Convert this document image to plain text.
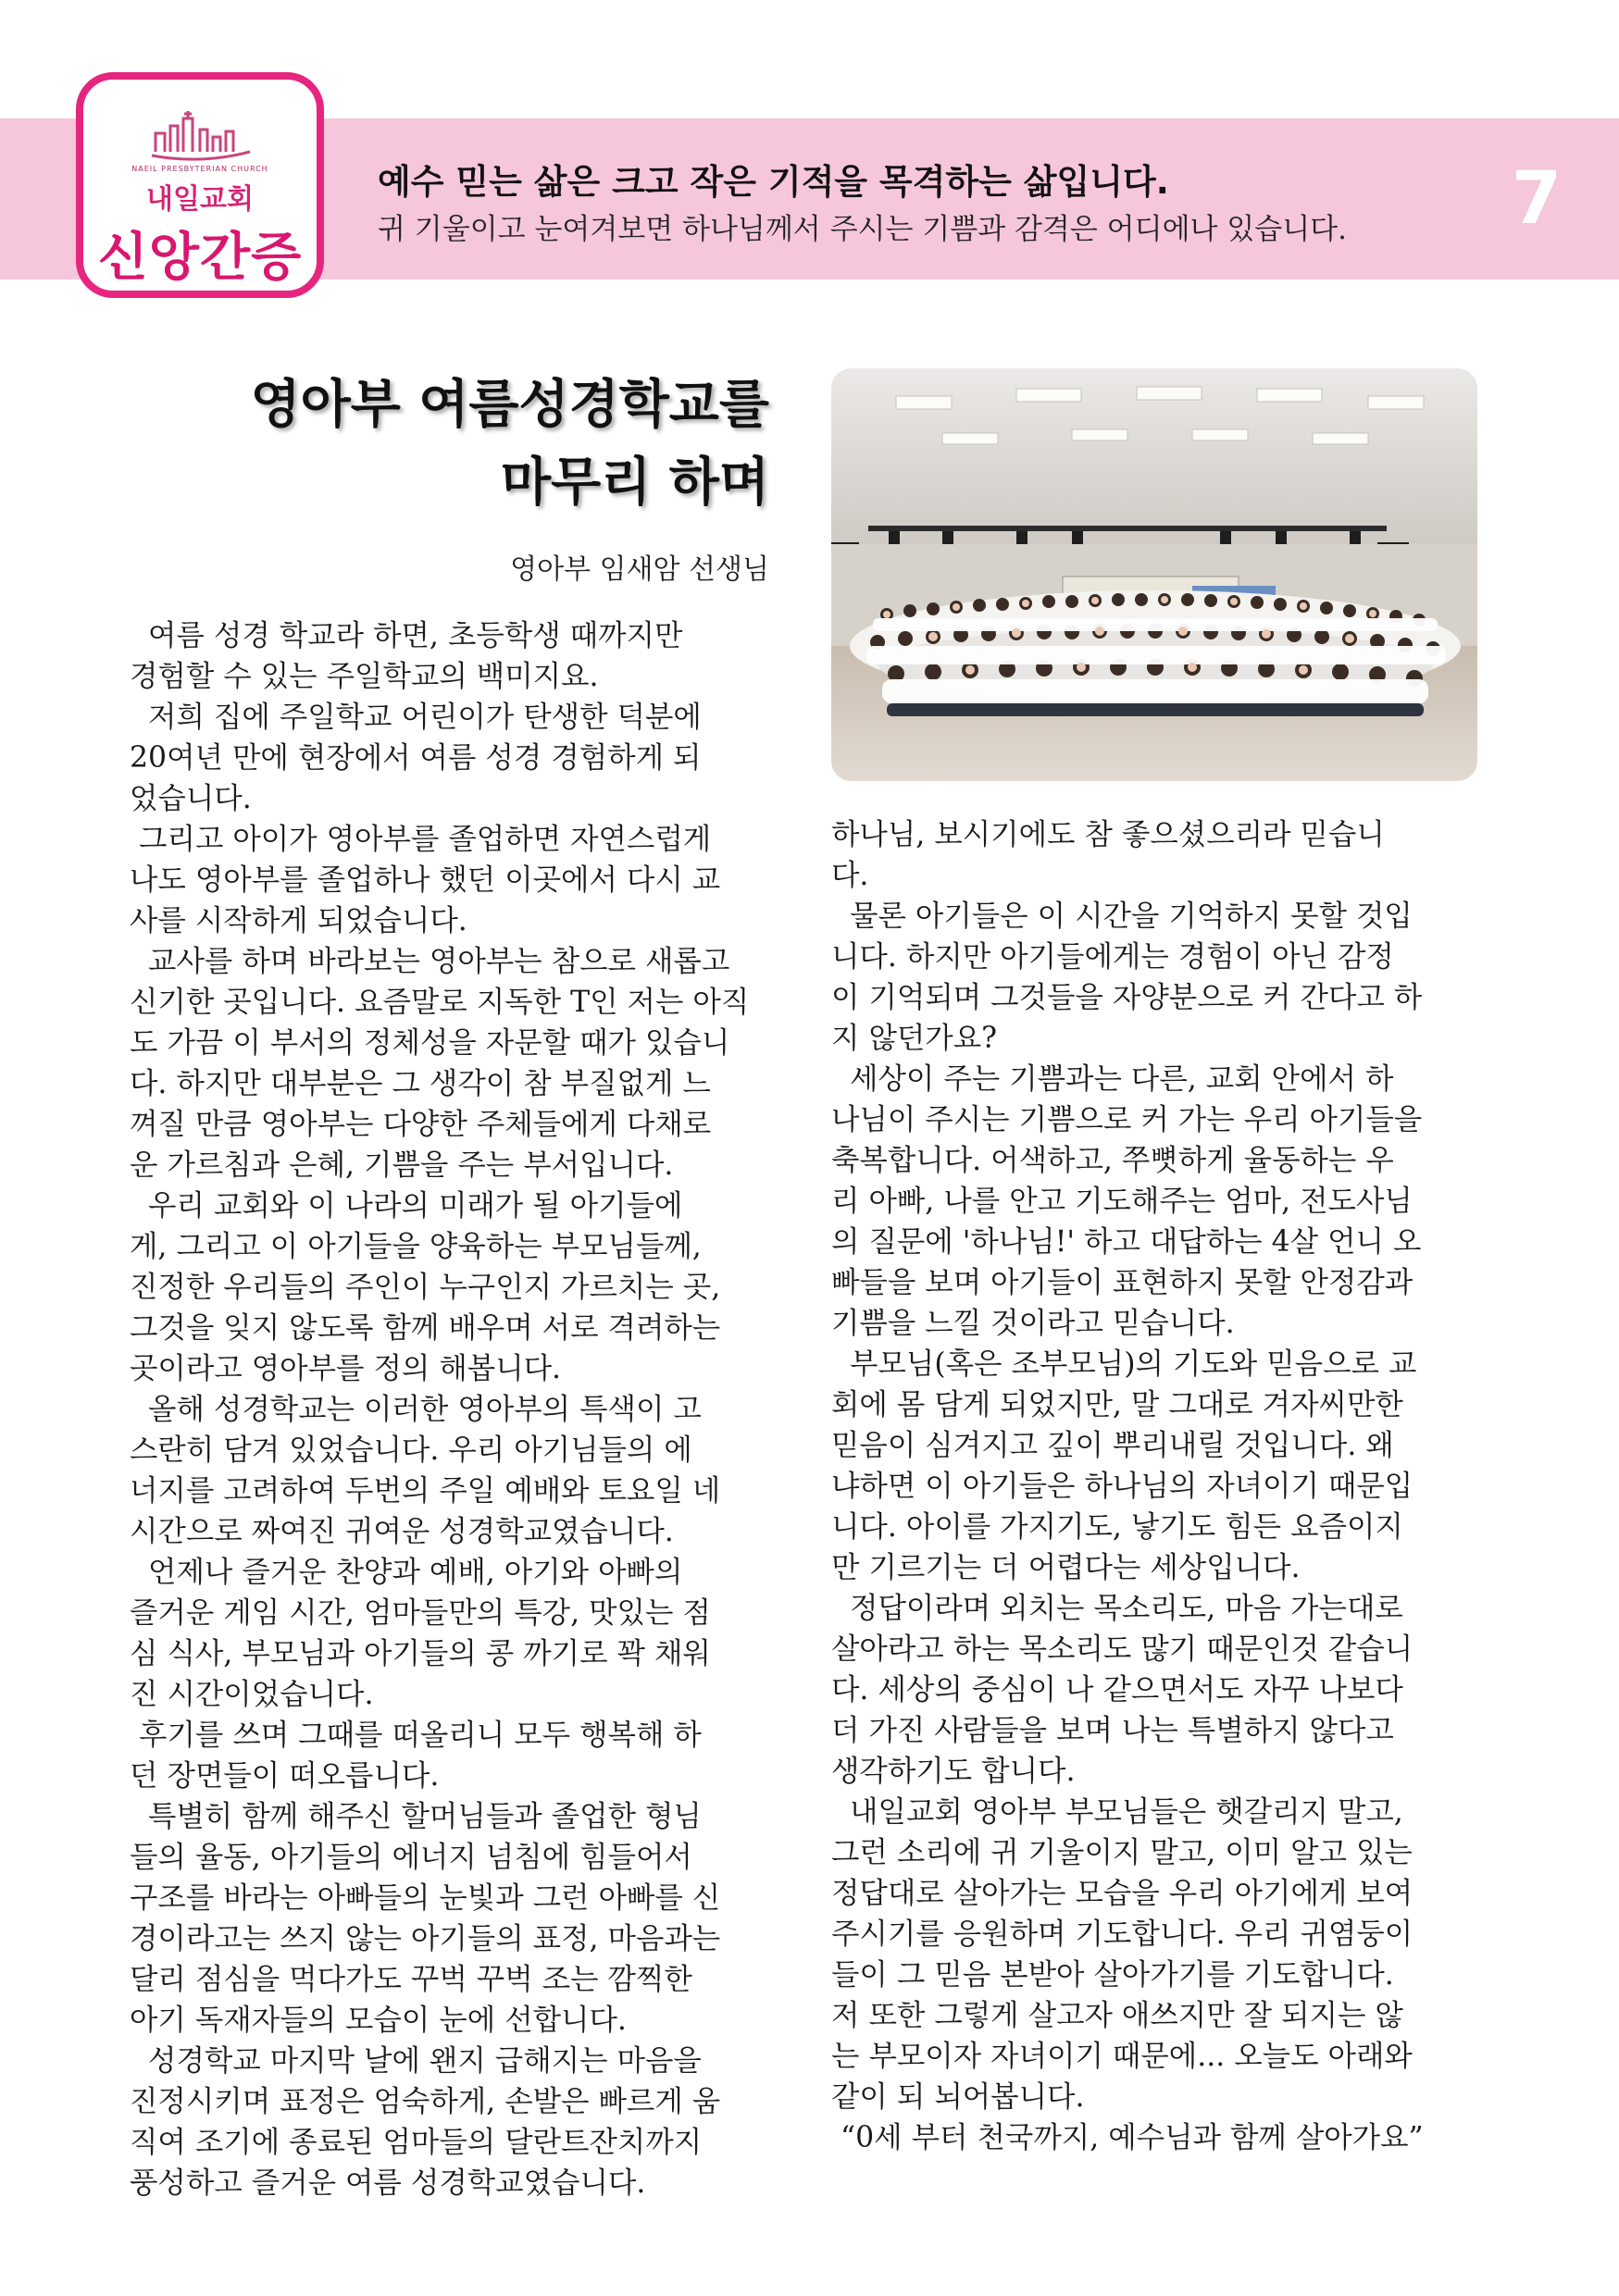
NAEIL PRESBYTERIAN CHURCH
내일교회
신앙간증
예수 믿는 삶은 크고 작은 기적을 목격하는 삶입니다.
귀 기울이고 눈여겨보면 하나님께서 주시는 기쁨과 감격은 어디에나 있습니다. 7
영아부 여름성경학교를
마무리 하며
영아부 임새암 선생님

여름 성경 학교라 하면, 초등학생 때까지만

경험할 수 있는 주일학교의 백미지요.

저희 집에 주일학교 어린이가 탄생한 덕분에

20여년 만에 현장에서 여름 성경 경험하게 되

었습니다.

그리고 아이가 영아부를 졸업하면 자연스럽게

나도 영아부를 졸업하나 했던 이곳에서 다시 교

사를 시작하게 되었습니다.

교사를 하며 바라보는 영아부는 참으로 새롭고

신기한 곳입니다. 요즘말로 지독한 T인 저는 아직

도 가끔 이 부서의 정체성을 자문할 때가 있습니

다. 하지만 대부분은 그 생각이 참 부질없게 느

껴질 만큼 영아부는 다양한 주체들에게 다채로

운 가르침과 은혜, 기쁨을 주는 부서입니다.

우리 교회와 이 나라의 미래가 될 아기들에

게, 그리고 이 아기들을 양육하는 부모님들께,

진정한 우리들의 주인이 누구인지 가르치는 곳,

그것을 잊지 않도록 함께 배우며 서로 격려하는

곳이라고 영아부를 정의 해봅니다.

올해 성경학교는 이러한 영아부의 특색이 고

스란히 담겨 있었습니다. 우리 아기님들의 에

너지를 고려하여 두번의 주일 예배와 토요일 네

시간으로 짜여진 귀여운 성경학교였습니다.

언제나 즐거운 찬양과 예배, 아기와 아빠의

즐거운 게임 시간, 엄마들만의 특강, 맛있는 점

심 식사, 부모님과 아기들의 콩 까기로 꽉 채워

진 시간이었습니다.

후기를 쓰며 그때를 떠올리니 모두 행복해 하

던 장면들이 떠오릅니다.

특별히 함께 해주신 할머님들과 졸업한 형님

들의 율동, 아기들의 에너지 넘침에 힘들어서

구조를 바라는 아빠들의 눈빛과 그런 아빠를 신

경이라고는 쓰지 않는 아기들의 표정, 마음과는

달리 점심을 먹다가도 꾸벅 꾸벅 조는 깜찍한

아기 독재자들의 모습이 눈에 선합니다.

성경학교 마지막 날에 왠지 급해지는 마음을

진정시키며 표정은 엄숙하게, 손발은 빠르게 움

직여 조기에 종료된 엄마들의 달란트잔치까지

풍성하고 즐거운 여름 성경학교였습니다.

하나님, 보시기에도 참 좋으셨으리라 믿습니

다.

물론 아기들은 이 시간을 기억하지 못할 것입

니다. 하지만 아기들에게는 경험이 아닌 감정

이 기억되며 그것들을 자양분으로 커 간다고 하

지 않던가요?

세상이 주는 기쁨과는 다른, 교회 안에서 하

나님이 주시는 기쁨으로 커 가는 우리 아기들을

축복합니다. 어색하고, 쭈뼛하게 율동하는 우

리 아빠, 나를 안고 기도해주는 엄마, 전도사님

의 질문에 '하나님!' 하고 대답하는 4살 언니 오

빠들을 보며 아기들이 표현하지 못할 안정감과

기쁨을 느낄 것이라고 믿습니다.

부모님(혹은 조부모님)의 기도와 믿음으로 교

회에 몸 담게 되었지만, 말 그대로 겨자씨만한

믿음이 심겨지고 깊이 뿌리내릴 것입니다. 왜

냐하면 이 아기들은 하나님의 자녀이기 때문입

니다. 아이를 가지기도, 낳기도 힘든 요즘이지

만 기르기는 더 어렵다는 세상입니다.

정답이라며 외치는 목소리도, 마음 가는대로

살아라고 하는 목소리도 많기 때문인것 같습니

다. 세상의 중심이 나 같으면서도 자꾸 나보다

더 가진 사람들을 보며 나는 특별하지 않다고

생각하기도 합니다.

내일교회 영아부 부모님들은 햇갈리지 말고,

그런 소리에 귀 기울이지 말고, 이미 알고 있는

정답대로 살아가는 모습을 우리 아기에게 보여

주시기를 응원하며 기도합니다. 우리 귀염둥이

들이 그 믿음 본받아 살아가기를 기도합니다.

저 또한 그렇게 살고자 애쓰지만 잘 되지는 않

는 부모이자 자녀이기 때문에... 오늘도 아래와

같이 되 뇌어봅니다.

“0세 부터 천국까지, 예수님과 함께 살아가요”
